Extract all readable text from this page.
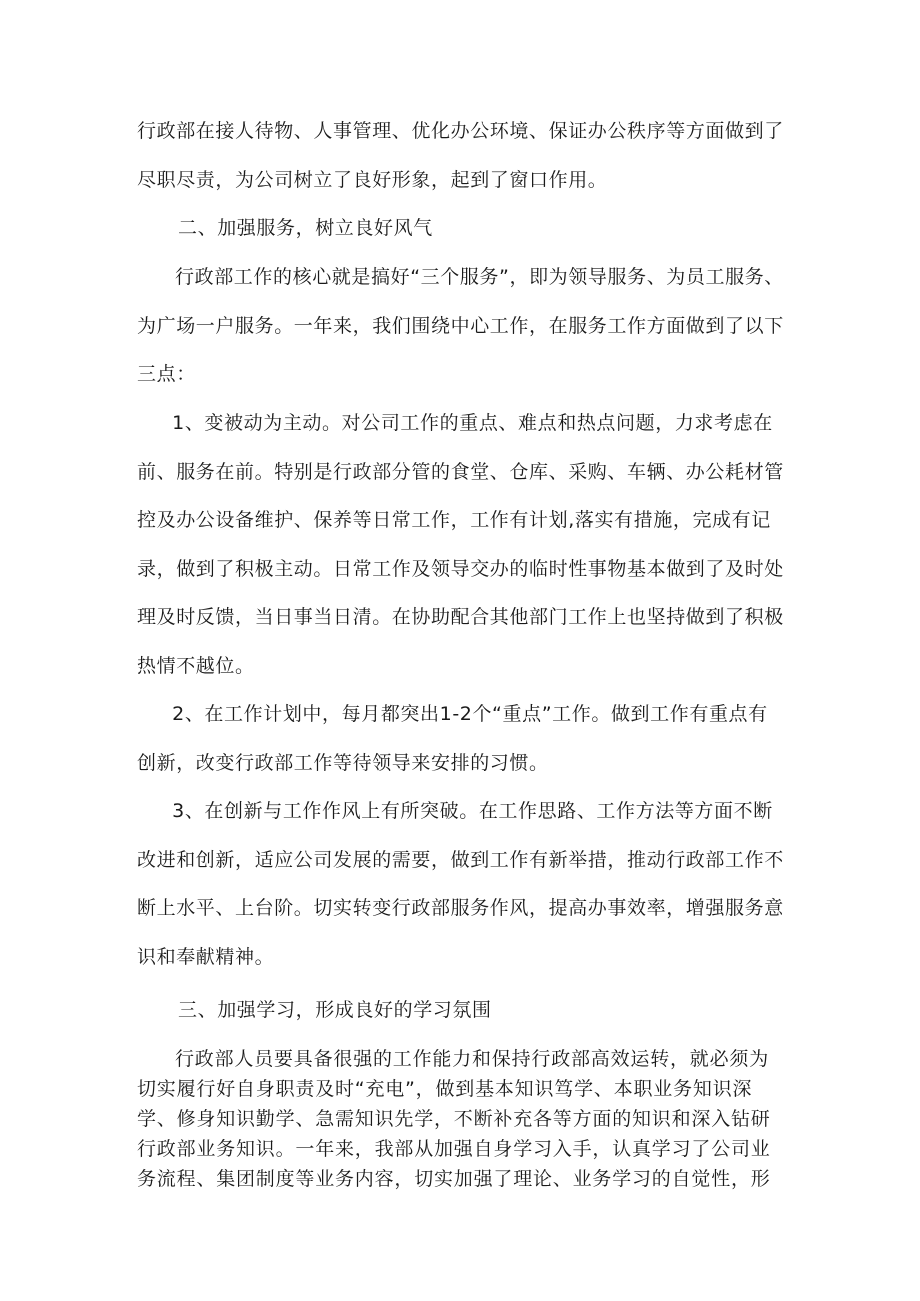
行政部在接人待物、人事管理、优化办公环境、保证办公秩序等方面做到了尽职尽责，为公司树立了良好形象，起到了窗口作用。

二、加强服务，树立良好风气

行政部工作的核心就是搞好“三个服务”，即为领导服务、为员工服务、为广场一户服务。一年来，我们围绕中心工作，在服务工作方面做到了以下三点：

1、变被动为主动。对公司工作的重点、难点和热点问题，力求考虑在前、服务在前。特别是行政部分管的食堂、仓库、采购、车辆、办公耗材管控及办公设备维护、保养等日常工作，工作有计划,落实有措施，完成有记录，做到了积极主动。日常工作及领导交办的临时性事物基本做到了及时处理及时反馈，当日事当日清。在协助配合其他部门工作上也坚持做到了积极热情不越位。

2、在工作计划中，每月都突出1-2个“重点”工作。做到工作有重点有创新，改变行政部工作等待领导来安排的习惯。

3、在创新与工作作风上有所突破。在工作思路、工作方法等方面不断改进和创新，适应公司发展的需要，做到工作有新举措，推动行政部工作不断上水平、上台阶。切实转变行政部服务作风，提高办事效率，增强服务意识和奉献精神。

三、加强学习，形成良好的学习氛围

行政部人员要具备很强的工作能力和保持行政部高效运转，就必须为切实履行好自身职责及时“充电”，做到基本知识笃学、本职业务知识深学、修身知识勤学、急需知识先学，不断补充各等方面的知识和深入钻研行政部业务知识。一年来，我部从加强自身学习入手，认真学习了公司业务流程、集团制度等业务内容，切实加强了理论、业务学习的自觉性，形
